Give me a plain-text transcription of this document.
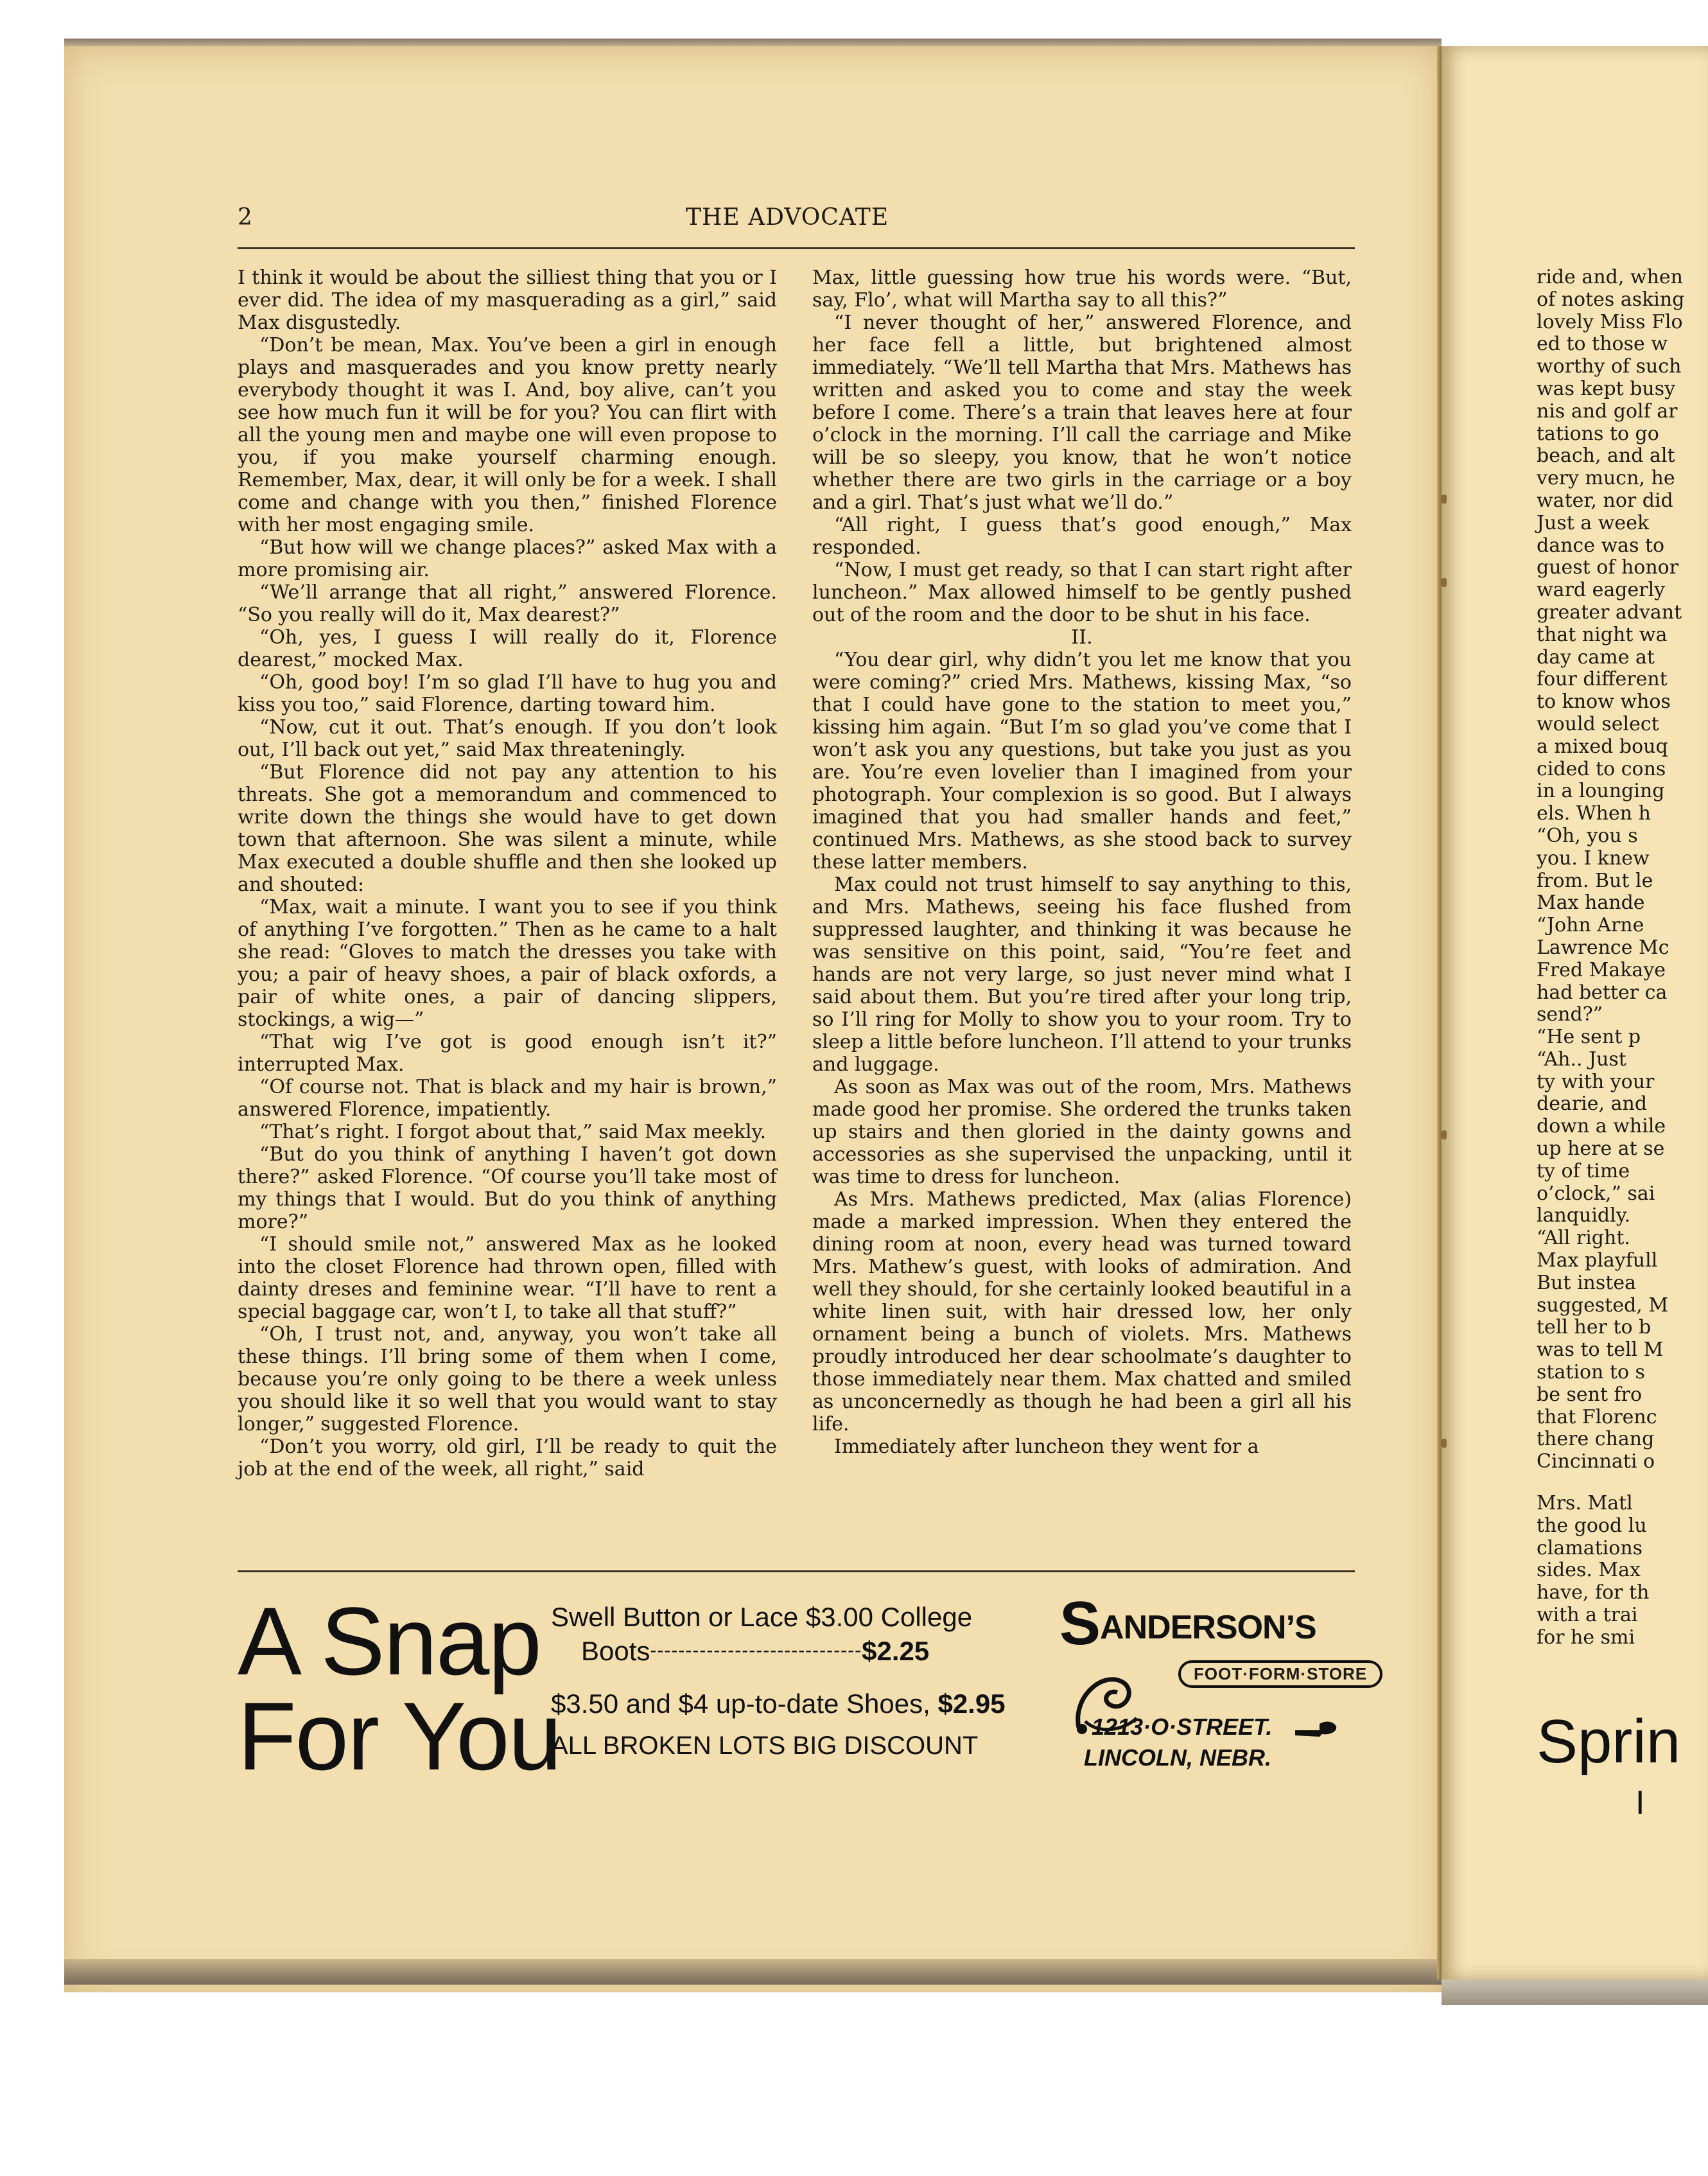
2	THE ADVOCATE

I think it would be about the silliest thing that you or I ever did. The idea of my masquerading as a girl,” said Max disgustedly.

“Don’t be mean, Max. You’ve been a girl in enough plays and masquerades and you know pretty nearly everybody thought it was I. And, boy alive, can’t you see how much fun it will be for you? You can flirt with all the young men and maybe one will even propose to you, if you make yourself charming enough. Remember, Max, dear, it will only be for a week. I shall come and change with you then,” finished Florence with her most engaging smile.

“But how will we change places?” asked Max with a more promising air.

“We’ll arrange that all right,” answered Florence. “So you really will do it, Max dearest?”

“Oh, yes, I guess I will really do it, Florence dearest,” mocked Max.

“Oh, good boy! I’m so glad I’ll have to hug you and kiss you too,” said Florence, darting toward him.

“Now, cut it out. That’s enough. If you don’t look out, I’ll back out yet,” said Max threateningly.

“But Florence did not pay any attention to his threats. She got a memorandum and commenced to write down the things she would have to get down town that afternoon. She was silent a minute, while Max executed a double shuffle and then she looked up and shouted:

“Max, wait a minute. I want you to see if you think of anything I’ve forgotten.” Then as he came to a halt she read: “Gloves to match the dresses you take with you; a pair of heavy shoes, a pair of black oxfords, a pair of white ones, a pair of dancing slippers, stockings, a wig—”

“That wig I’ve got is good enough isn’t it?” interrupted Max.

“Of course not. That is black and my hair is brown,” answered Florence, impatiently.

“That’s right. I forgot about that,” said Max meekly.

“But do you think of anything I haven’t got down there?” asked Florence. “Of course you’ll take most of my things that I would. But do you think of anything more?”

“I should smile not,” answered Max as he looked into the closet Florence had thrown open, filled with dainty dreses and feminine wear. “I’ll have to rent a special baggage car, won’t I, to take all that stuff?”

“Oh, I trust not, and, anyway, you won’t take all these things. I’ll bring some of them when I come, because you’re only going to be there a week unless you should like it so well that you would want to stay longer,” suggested Florence.

“Don’t you worry, old girl, I’ll be ready to quit the job at the end of the week, all right,” said

Max, little guessing how true his words were. “But, say, Flo’, what will Martha say to all this?”

“I never thought of her,” answered Florence, and her face fell a little, but brightened almost immediately. “We’ll tell Martha that Mrs. Mathews has written and asked you to come and stay the week before I come. There’s a train that leaves here at four o’clock in the morning. I’ll call the carriage and Mike will be so sleepy, you know, that he won’t notice whether there are two girls in the carriage or a boy and a girl. That’s just what we’ll do.”

“All right, I guess that’s good enough,” Max responded.

“Now, I must get ready, so that I can start right after luncheon.” Max allowed himself to be gently pushed out of the room and the door to be shut in his face.

II.

“You dear girl, why didn’t you let me know that you were coming?” cried Mrs. Mathews, kissing Max, “so that I could have gone to the station to meet you,” kissing him again. “But I’m so glad you’ve come that I won’t ask you any questions, but take you just as you are. You’re even lovelier than I imagined from your photograph. Your complexion is so good. But I always imagined that you had smaller hands and feet,” continued Mrs. Mathews, as she stood back to survey these latter members.

Max could not trust himself to say anything to this, and Mrs. Mathews, seeing his face flushed from suppressed laughter, and thinking it was because he was sensitive on this point, said, “You’re feet and hands are not very large, so just never mind what I said about them. But you’re tired after your long trip, so I’ll ring for Molly to show you to your room. Try to sleep a little before luncheon. I’ll attend to your trunks and luggage.

As soon as Max was out of the room, Mrs. Mathews made good her promise. She ordered the trunks taken up stairs and then gloried in the dainty gowns and accessories as she supervised the unpacking, until it was time to dress for luncheon.

As Mrs. Mathews predicted, Max (alias Florence) made a marked impression. When they entered the dining room at noon, every head was turned toward Mrs. Mathew’s guest, with looks of admiration. And well they should, for she certainly looked beautiful in a white linen suit, with hair dressed low, her only ornament being a bunch of violets. Mrs. Mathews proudly introduced her dear schoolmate’s daughter to those immediately near them. Max chatted and smiled as unconcernedly as though he had been a girl all his life.

Immediately after luncheon they went for a

A Snap
For You
Swell Button or Lace $3.00 College
Boots------------------------------$2.25
$3.50 and $4 up-to-date Shoes, $2.95
ALL BROKEN LOTS BIG DISCOUNT
$S^{ANDERSON’S}$
FOOT·FORM·STORE
1213·O·STREET.
LINCOLN, NEBR.

ride and, when

of notes asking

lovely Miss Flo

ed to those w

worthy of such

was kept busy

nis and golf ar

tations to go

beach, and alt

very mucn, he

water, nor did

Just a week

dance was to

guest of honor

ward eagerly

greater advant

that night wa

day came at

four different

to know whos

would select

a mixed bouq

cided to cons

in a lounging

els. When h

“Oh, you s

you. I knew

from. But le

Max hande

“John Arne

Lawrence Mc

Fred Makaye

had better ca

send?”

“He sent p

“Ah.. Just

ty with your

dearie, and

down a while

up here at se

ty of time

o’clock,” sai

lanquidly.

“All right.

Max playfull

But instea

suggested, M

tell her to b

was to tell M

station to s

be sent fro

that Florenc

there chang

Cincinnati o

Mrs. Matl

the good lu

clamations

sides. Max

have, for th

with a trai

for he smi

Sprin
I
